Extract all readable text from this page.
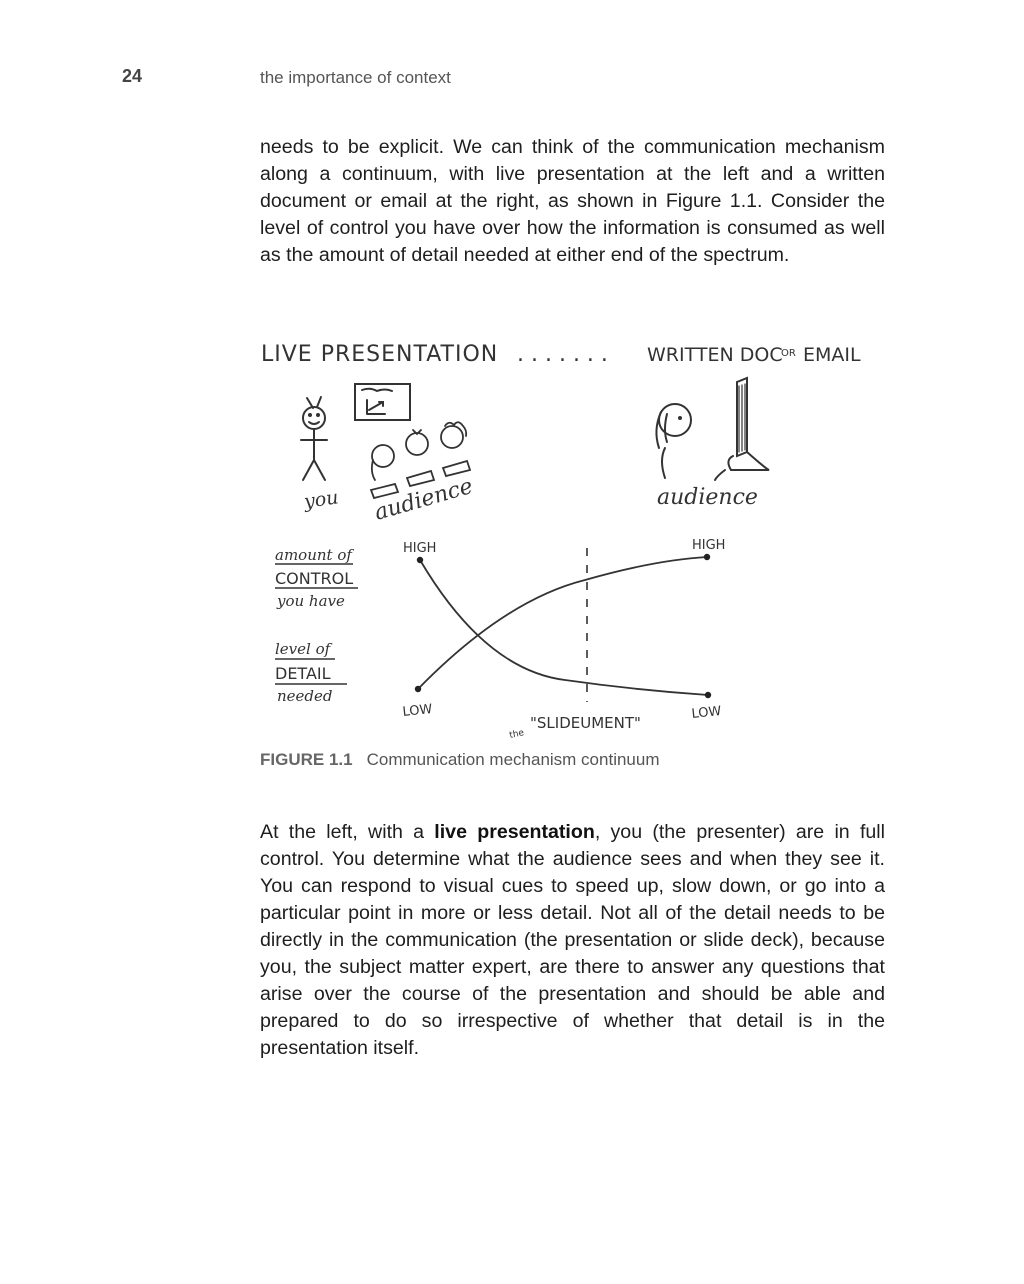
24	the importance of context

needs to be explicit. We can think of the communication mechanism along a continuum, with live presentation at the left and a written document or email at the right, as shown in Figure 1.1. Consider the level of control you have over how the information is consumed as well as the amount of detail needed at either end of the spectrum.

LIVE PRESENTATION . . . . . . . WRITTEN DOC
OR EMAIL
you audience	audience
amount of
CONTROL
you have
level of
DETAIL
needed
HIGH	HIGH
LOW	LOW
the
"SLIDEUMENT"
FIGURE 1.1 Communication mechanism continuum

At the left, with a live presentation, you (the presenter) are in full control. You determine what the audience sees and when they see it. You can respond to visual cues to speed up, slow down, or go into a particular point in more or less detail. Not all of the detail needs to be directly in the communication (the presentation or slide deck), because you, the subject matter expert, are there to answer any questions that arise over the course of the presentation and should be able and prepared to do so irrespective of whether that detail is in the presentation itself.
